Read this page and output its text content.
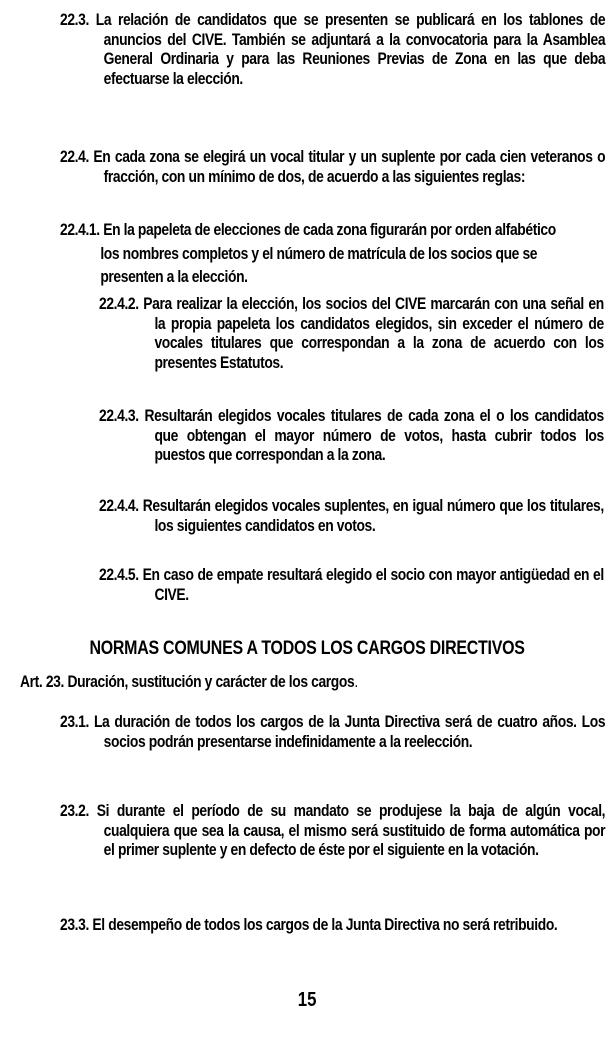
22.3. La relación de candidatos que se presenten se publicará en los tablones de anuncios del CIVE. También se adjuntará a la convocatoria para la Asamblea General Ordinaria y para las Reuniones Previas de Zona en las que deba efectuarse la elección.
22.4. En cada zona se elegirá un vocal titular y un suplente por cada cien veteranos o fracción, con un mínimo de dos, de acuerdo a las siguientes reglas:
22.4.1. En la papeleta de elecciones de cada zona figurarán por orden alfabético los nombres completos y el número de matrícula de los socios que se presenten a la elección.
22.4.2. Para realizar la elección, los socios del CIVE marcarán con una señal en la propia papeleta los candidatos elegidos, sin exceder el número de vocales titulares que correspondan a la zona de acuerdo con los presentes Estatutos.
22.4.3. Resultarán elegidos vocales titulares de cada zona el o los candidatos que obtengan el mayor número de votos, hasta cubrir todos los puestos que correspondan a la zona.
22.4.4. Resultarán elegidos vocales suplentes, en igual número que los titulares, los siguientes candidatos en votos.
22.4.5. En caso de empate resultará elegido el socio con mayor antigüedad en el CIVE.
NORMAS COMUNES A TODOS LOS CARGOS DIRECTIVOS
Art. 23. Duración, sustitución y carácter de los cargos.
23.1. La duración de todos los cargos de la Junta Directiva será de cuatro años. Los socios podrán presentarse indefinidamente a la reelección.
23.2. Si durante el período de su mandato se produjese la baja de algún vocal, cualquiera que sea la causa, el mismo será sustituido de forma automática por el primer suplente y en defecto de éste por el siguiente en la votación.
23.3. El desempeño de todos los cargos de la Junta Directiva no será retribuido.
15
